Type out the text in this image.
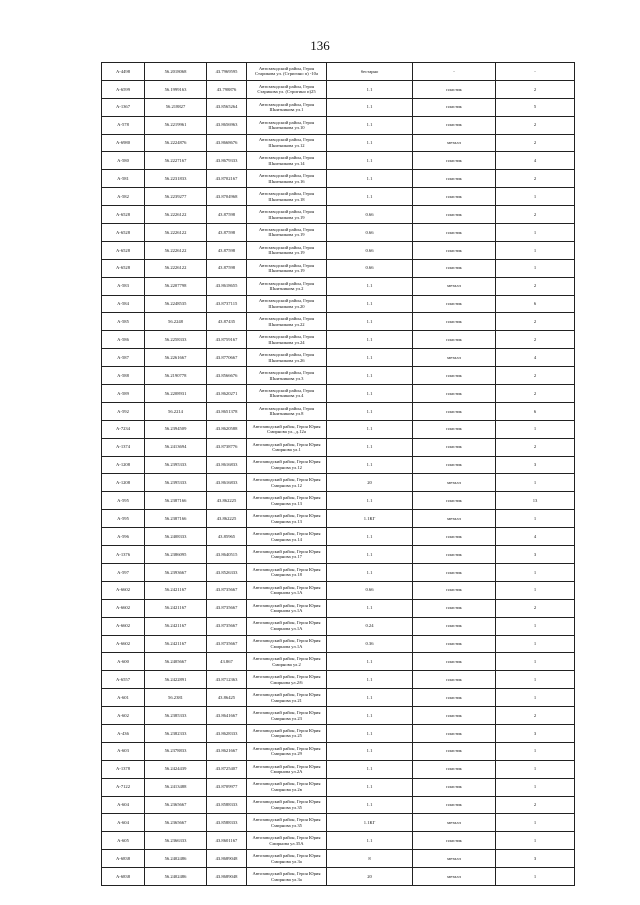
136
А-4498	56.2018068	43.7969595	Автозаводский район, Героя Старикова ул. (Стригино п) -10а	бестарно	-	-
А-6599	56.1999163	43.798876	Автозаводский район, Героя Старикова ул. (Стригино п)25	1.1	пластик	2
А-1367	56.218827	43.8565264	Автозаводский район, Героя Шнитникова ул.1	1.1	пластик	5
А-578	56.2219961	43.8656963	Автозаводский район, Героя Шнитникова ул.10	1.1	пластик	2
А-6980	56.2224876	43.8668676	Автозаводский район, Героя Шнитникова ул.12	1.1	металл	2
А-580	56.2227167	43.8679333	Автозаводский район, Героя Шнитникова ул.14	1.1	пластик	4
А-581	56.2231833	43.8702167	Автозаводский район, Героя Шнитникова ул.16	1.1	пластик	2
А-582	56.2239277	43.8704968	Автозаводский район, Героя Шнитникова ул.18	1.1	пластик	1
А-6528	56.2226122	43.87598	Автозаводский район, Героя Шнитникова ул.19	0.66	пластик	2
А-6528	56.2226122	43.87598	Автозаводский район, Героя Шнитникова ул.19	0.66	пластик	1
А-6528	56.2226122	43.87598	Автозаводский район, Героя Шнитникова ул.19	0.66	пластик	1
А-6528	56.2226122	43.87598	Автозаводский район, Героя Шнитникова ул.19	0.66	пластик	1
А-583	56.2207798	43.8618655	Автозаводский район, Героя Шнитникова ул.2	1.1	металл	2
А-584	56.2248535	43.8737115	Автозаводский район, Героя Шнитникова ул.20	1.1	пластик	6
А-585	56.2248	43.87435	Автозаводский район, Героя Шнитникова ул.22	1.1	пластик	2
А-586	56.2258333	43.8759167	Автозаводский район, Героя Шнитникова ул.24	1.1	пластик	2
А-587	56.2261667	43.8770667	Автозаводский район, Героя Шнитникова ул.26	1.1	металл	4
А-588	56.2190778	43.8566676	Автозаводский район, Героя Шнитникова ул.3	1.1	пластик	2
А-589	56.2208931	43.8620271	Автозаводский район, Героя Шнитникова ул.4	1.1	пластик	2
А-592	56.2214	43.8651378	Автозаводский район, Героя Шнитникова ул.8	1.1	пластик	6
А-7234	56.2394509	43.8620588	Автозаводский район, Героя Юрия Смирнова ул., д.12а	1.1	пластик	1
А-1374	56.2413694	43.8738776	Автозаводский район, Героя Юрия Смирнова ул.1	1.1	пластик	2
А-1208	56.2395333	43.8616833	Автозаводский район, Героя Юрия Смирнова ул.12	1.1	пластик	3
А-1208	56.2395333	43.8616833	Автозаводский район, Героя Юрия Смирнова ул.12	20	металл	1
А-595	56.2387166	43.862225	Автозаводский район, Героя Юрия Смирнова ул.13	1.1	пластик	13
А-595	56.2387166	43.862225	Автозаводский район, Героя Юрия Смирнова ул.13	1.1КГ	металл	1
А-596	56.2408333	43.85965	Автозаводский район, Героя Юрия Смирнова ул.14	1.1	пластик	4
А-1376	56.2386095	43.8640515	Автозаводский район, Героя Юрия Смирнова ул.17	1.1	пластик	3
А-597	56.2393667	43.8526333	Автозаводский район, Героя Юрия Смирнова ул.18	1.1	пластик	1
А-6602	56.2421167	43.8735667	Автозаводский район, Героя Юрия Смирнова ул.1А	0.66	пластик	1
А-6602	56.2421167	43.8735667	Автозаводский район, Героя Юрия Смирнова ул.1А	1.1	пластик	2
А-6602	56.2421167	43.8735667	Автозаводский район, Героя Юрия Смирнова ул.1А	0.24	пластик	1
А-6602	56.2421167	43.8735667	Автозаводский район, Героя Юрия Смирнова ул.1А	0.36	пластик	1
А-600	56.2405667	43.867	Автозаводский район, Героя Юрия Смирнова ул.2	1.1	пластик	1
А-6557	56.2422891	43.8712363	Автозаводский район, Героя Юрия Смирнова ул.2/6	1.1	пластик	1
А-601	56.2381	43.86425	Автозаводский район, Героя Юрия Смирнова ул.21	1.1	пластик	1
А-602	56.2385333	43.8641667	Автозаводский район, Героя Юрия Смирнова ул.23	1.1	пластик	2
А-436	56.2382333	43.8628333	Автозаводский район, Героя Юрия Смирнова ул.25	1.1	пластик	3
А-603	56.2378833	43.8621667	Автозаводский район, Героя Юрия Смирнова ул.29	1.1	пластик	1
А-1378	56.2424439	43.8725407	Автозаводский район, Героя Юрия Смирнова ул.2А	1.1	пластик	1
А-7122	56.2413488	43.8709977	Автозаводский район, Героя Юрия Смирнова ул.2в	1.1	пластик	1
А-604	56.2365667	43.8588333	Автозаводский район, Героя Юрия Смирнова ул.35	1.1	пластик	2
А-604	56.2365667	43.8588333	Автозаводский район, Героя Юрия Смирнова ул.35	1.1КГ	металл	1
А-605	56.2366333	43.8601167	Автозаводский район, Героя Юрия Смирнова ул.35А	1.1	пластик	1
А-6838	56.2402486	43.8689048	Автозаводский район, Героя Юрия Смирнова ул.3а	8	металл	3
А-6838	56.2402486	43.8689048	Автозаводский район, Героя Юрия Смирнова ул.3а	20	металл	1
